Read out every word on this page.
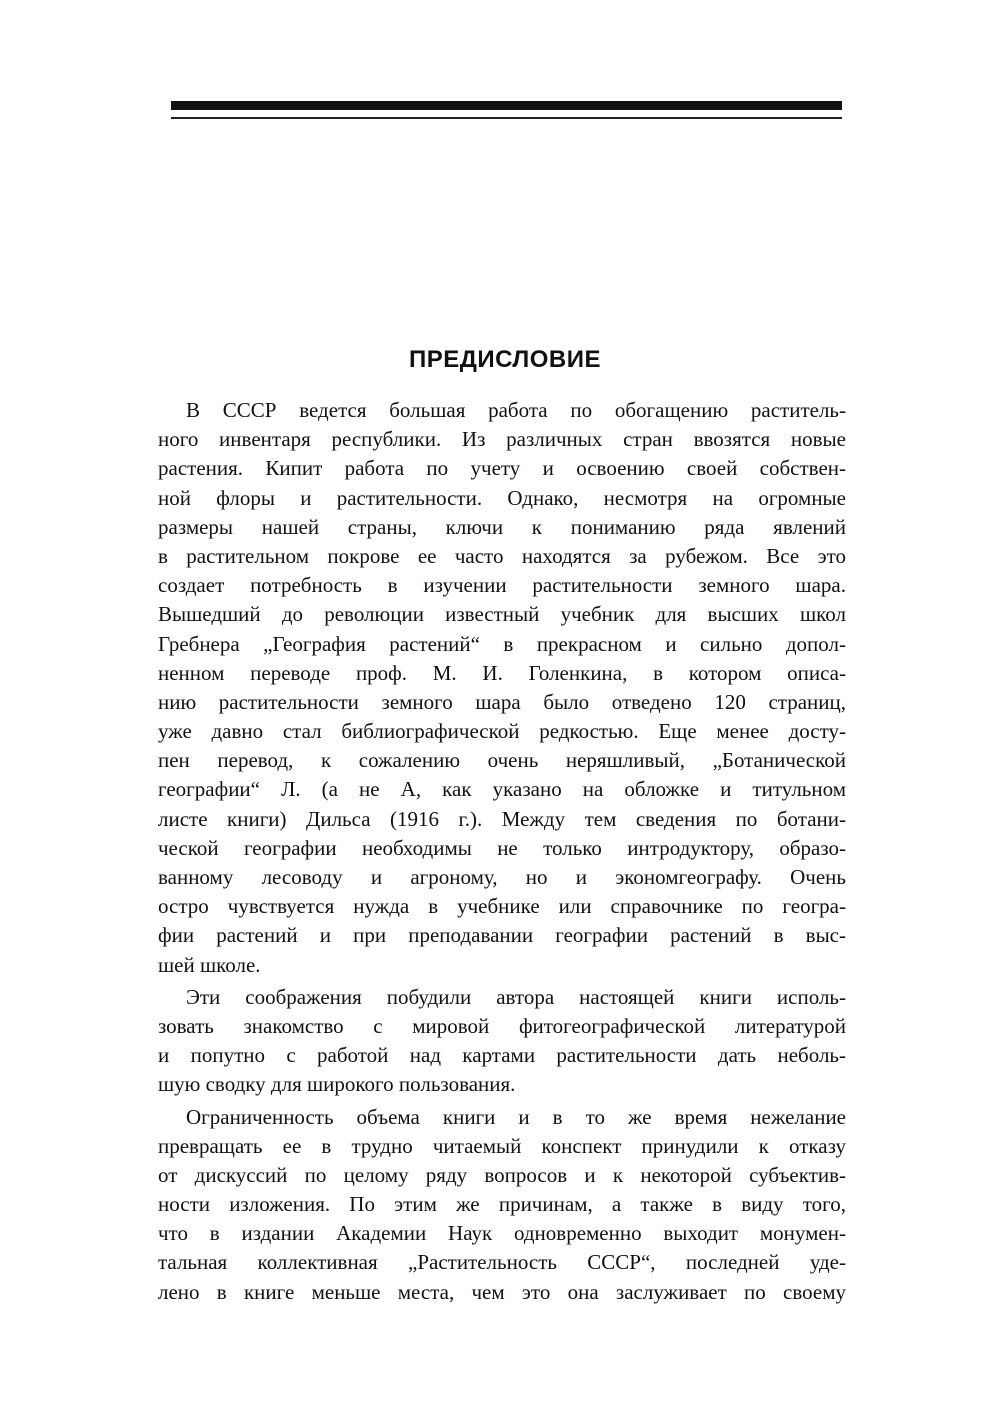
ПРЕДИСЛОВИЕ
В СССР ведется большая работа по обогащению раститель-
ного инвентаря республики. Из различных стран ввозятся новые
растения. Кипит работа по учету и освоению своей собствен-
ной флоры и растительности. Однако, несмотря на огромные
размеры нашей страны, ключи к пониманию ряда явлений
в растительном покрове ее часто находятся за рубежом. Все это
создает потребность в изучении растительности земного шара.
Вышедший до революции известный учебник для высших школ
Гребнера „География растений“ в прекрасном и сильно допол-
ненном переводе проф. М. И. Голенкина, в котором описа-
нию растительности земного шара было отведено 120 страниц,
уже давно стал библиографической редкостью. Еще менее досту-
пен перевод, к сожалению очень неряшливый, „Ботанической
географии“ Л. (а не А, как указано на обложке и титульном
листе книги) Дильса (1916 г.). Между тем сведения по ботани-
ческой географии необходимы не только интродуктору, образо-
ванному лесоводу и агроному, но и экономгеографу. Очень
остро чувствуется нужда в учебнике или справочнике по геогра-
фии растений и при преподавании географии растений в выс-
шей школе.
Эти соображения побудили автора настоящей книги исполь-
зовать знакомство с мировой фитогеографической литературой
и попутно с работой над картами растительности дать неболь-
шую сводку для широкого пользования.
Ограниченность объема книги и в то же время нежелание
превращать ее в трудно читаемый конспект принудили к отказу
от дискуссий по целому ряду вопросов и к некоторой субъектив-
ности изложения. По этим же причинам, а также в виду того,
что в издании Академии Наук одновременно выходит монумен-
тальная коллективная „Растительность СССР“, последней уде-
лено в книге меньше места, чем это она заслуживает по своему
